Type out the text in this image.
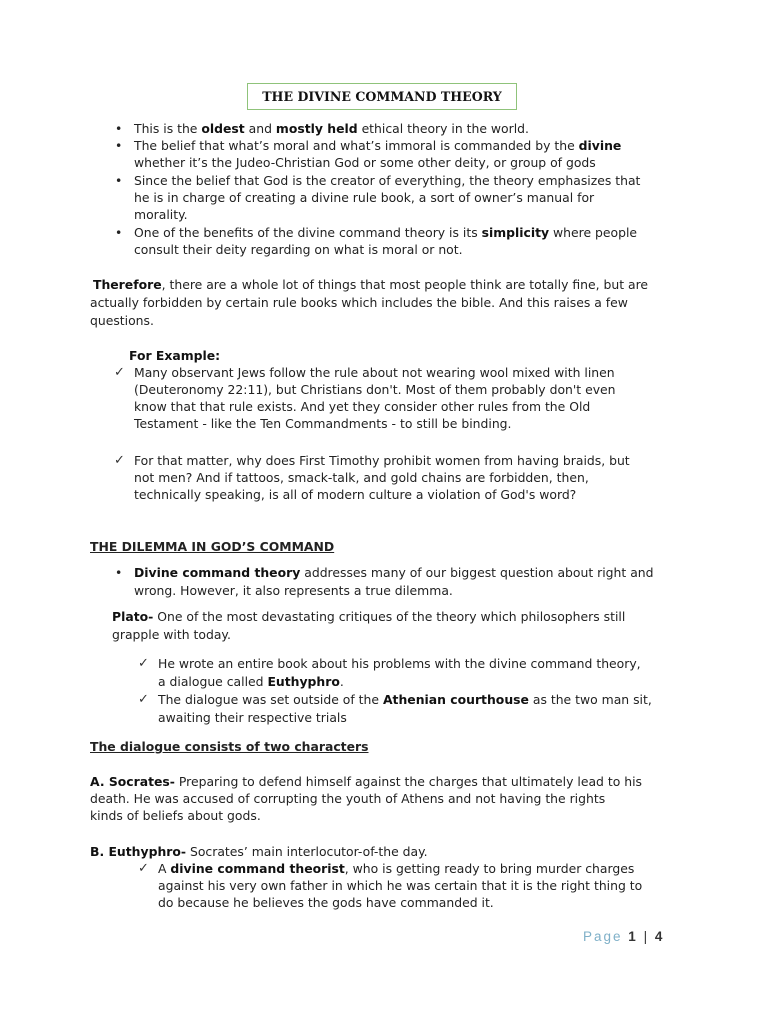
THE DIVINE COMMAND THEORY
• This is the oldest and mostly held ethical theory in the world.
• The belief that what’s moral and what’s immoral is commanded by the divine
whether it’s the Judeo-Christian God or some other deity, or group of gods
• Since the belief that God is the creator of everything, the theory emphasizes that
he is in charge of creating a divine rule book, a sort of owner’s manual for
morality.
• One of the benefits of the divine command theory is its simplicity where people
consult their deity regarding on what is moral or not.
Therefore, there are a whole lot of things that most people think are totally fine, but are
actually forbidden by certain rule books which includes the bible. And this raises a few
questions.
For Example:
✓ Many observant Jews follow the rule about not wearing wool mixed with linen
(Deuteronomy 22:11), but Christians don't. Most of them probably don't even
know that that rule exists. And yet they consider other rules from the Old
Testament - like the Ten Commandments - to still be binding.
✓ For that matter, why does First Timothy prohibit women from having braids, but
not men? And if tattoos, smack-talk, and gold chains are forbidden, then,
technically speaking, is all of modern culture a violation of God's word?
THE DILEMMA IN GOD’S COMMAND
• Divine command theory addresses many of our biggest question about right and
wrong. However, it also represents a true dilemma.
Plato- One of the most devastating critiques of the theory which philosophers still
grapple with today.
✓ He wrote an entire book about his problems with the divine command theory,
a dialogue called Euthyphro.
✓ The dialogue was set outside of the Athenian courthouse as the two man sit,
awaiting their respective trials
The dialogue consists of two characters
A. Socrates- Preparing to defend himself against the charges that ultimately lead to his
death. He was accused of corrupting the youth of Athens and not having the rights
kinds of beliefs about gods.
B. Euthyphro- Socrates’ main interlocutor-of-the day.
✓ A divine command theorist, who is getting ready to bring murder charges
against his very own father in which he was certain that it is the right thing to
do because he believes the gods have commanded it.
Page 1 | 4
